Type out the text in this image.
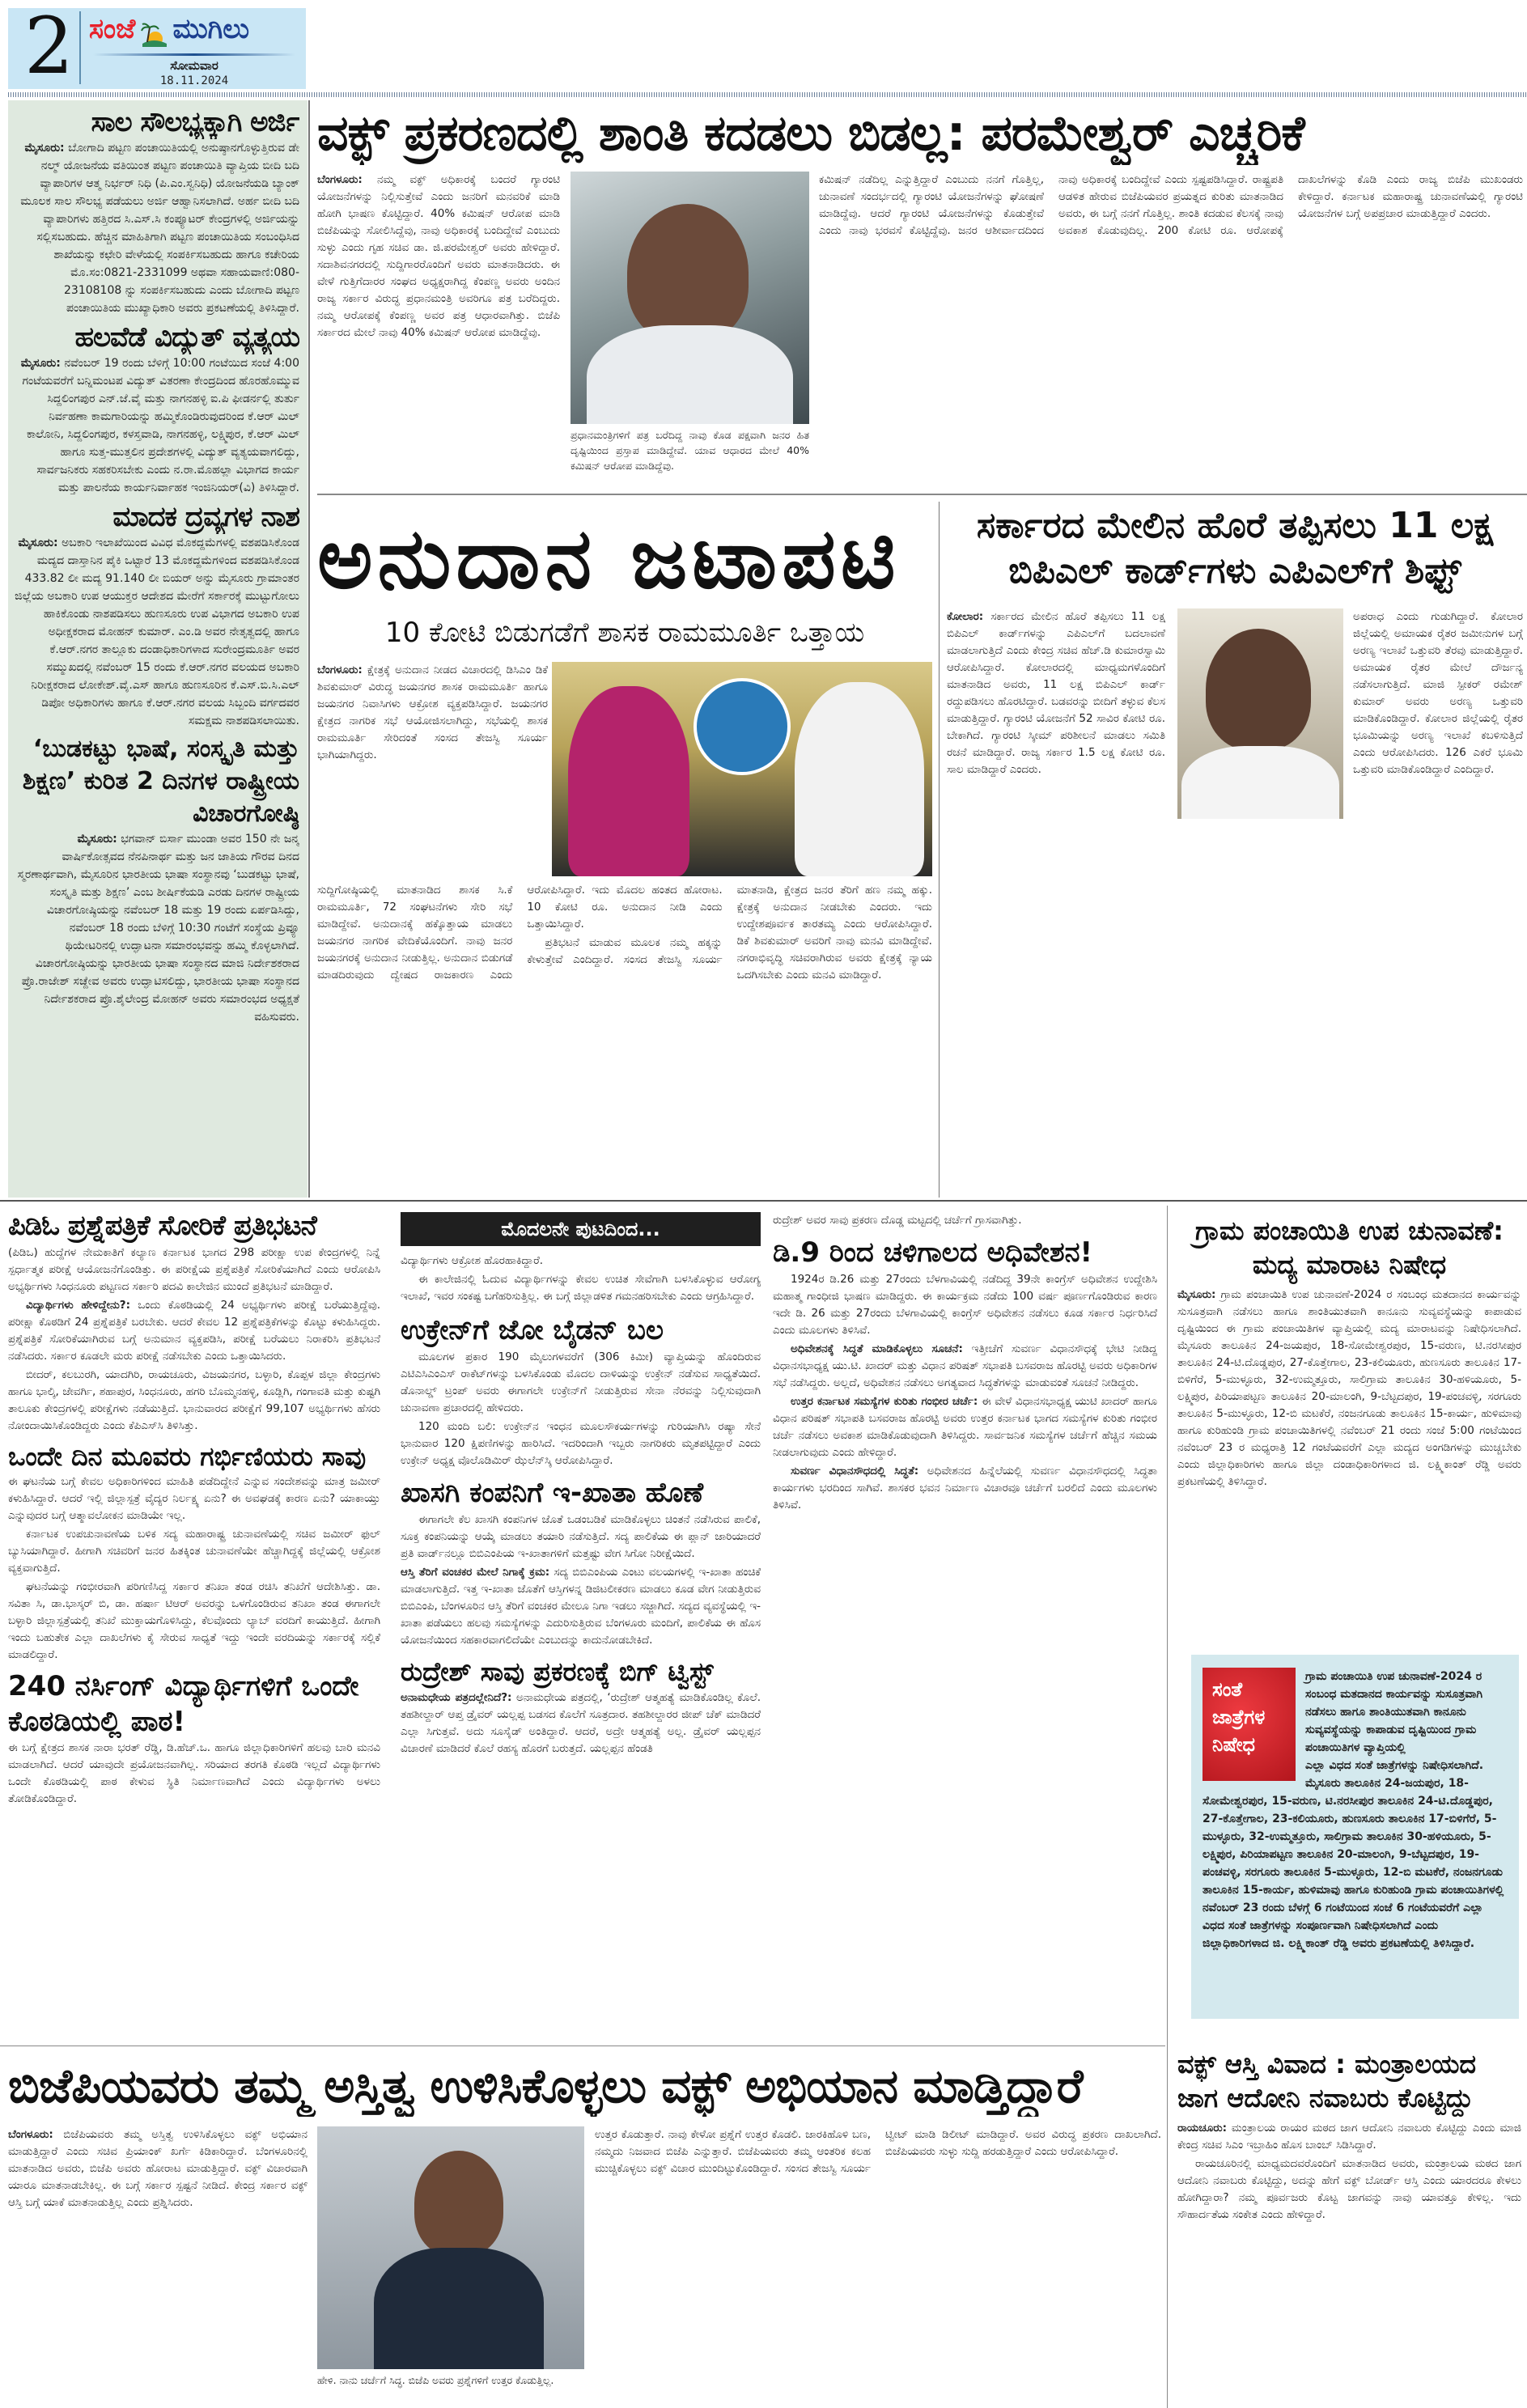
2 ಸಂಜೆ ಮುಗಿಲು
ಸೋಮವಾರ
18.11.2024
ಸಾಲ ಸೌಲಭ್ಯಕ್ಕಾಗಿ ಅರ್ಜಿ
ಮೈಸೂರು: ಬೋಗಾದಿ ಪಟ್ಟಣ ಪಂಚಾಯಿತಿಯಲ್ಲಿ ಅನುಷ್ಠಾನಗೊಳ್ಳುತ್ತಿರುವ ಡೇ ನಲ್ಮ್ ಯೋಜನೆಯ ವತಿಯಿಂತ ಪಟ್ಟಣ ಪಂಚಾಯಿತಿ ವ್ಯಾಪ್ತಿಯ ಬೀದಿ ಬದಿ ವ್ಯಾಪಾರಿಗಳ ಆತ್ಮ ನಿರ್ಭರ್ ನಿಧಿ (ಪಿ.ಎಂ.ಸ್ವನಿಧಿ) ಯೋಜನೆಯಡಿ ಬ್ಯಾಂಕ್ ಮೂಲಕ ಸಾಲ ಸೌಲಭ್ಯ ಪಡೆಯಲು ಅರ್ಜಿ ಆಹ್ವಾನಿಸಲಾಗಿದೆ. ಅರ್ಹ ಬೀದಿ ಬದಿ ವ್ಯಾಪಾರಿಗಳು ಹತ್ತಿರದ ಸಿ.ಎಸ್.ಸಿ ಕಂಪ್ಯೂಟರ್ ಕೇಂದ್ರಗಳಲ್ಲಿ ಅರ್ಜಿಯನ್ನು ಸಲ್ಲಿಸಬಹುದು. ಹೆಚ್ಚಿನ ಮಾಹಿತಿಗಾಗಿ ಪಟ್ಟಣ ಪಂಚಾಯಿತಿಯ ಸಂಬಂಧಿಸಿದ ಶಾಖೆಯನ್ನು ಕಛೇರಿ ವೇಳೆಯಲ್ಲಿ ಸಂಪರ್ಕಿಸಬಹುದು ಹಾಗೂ ಕಚೇರಿಯ ಮೊ.ಸಂ:0821-2331099 ಅಥವಾ ಸಹಾಯವಾಣಿ:080-23108108 ನ್ನು ಸಂಪರ್ಕಿಸಬಹುದು ಎಂದು ಬೋಗಾದಿ ಪಟ್ಟಣ ಪಂಚಾಯಿತಿಯ ಮುಖ್ಯಾಧಿಕಾರಿ ಅವರು ಪ್ರಕಟಣೆಯಲ್ಲಿ ತಿಳಿಸಿದ್ದಾರೆ.
ಹಲವೆಡೆ ವಿದ್ಯುತ್ ವ್ಯತ್ಯಯ
ಮೈಸೂರು: ನವೆಂಬರ್ 19 ರಂದು ಬೆಳಿಗ್ಗೆ 10:00 ಗಂಟೆಯಿದ ಸಂಜೆ 4:00 ಗಂಟೆಯವರೆಗೆ ಬನ್ನಿಮಂಟಪ ವಿದ್ಯುತ್ ವಿತರಣಾ ಕೇಂದ್ರದಿಂದ ಹೊರಹೊಮ್ಮುವ ಸಿದ್ದಲಿಂಗಪುರ ಎನ್.ಜೆ.ವೈ ಮತ್ತು ನಾಗನಹಳ್ಳಿ ಐ.ಪಿ ಫೀಡರ್ನಲ್ಲಿ ತುರ್ತು ನಿರ್ವಹಣಾ ಕಾಮಗಾರಿಯನ್ನು ಹಮ್ಮಿಕೊಂಡಿರುವುದರಿಂದ ಕೆ.ಆರ್ ಮಿಲ್ ಕಾಲೋನಿ, ಸಿದ್ದಲಿಂಗಪುರ, ಕಳಸ್ತವಾಡಿ, ನಾಗನಹಳ್ಳಿ, ಲಕ್ಷ್ಮಿಪುರ, ಕೆ.ಆರ್ ಮಿಲ್ ಹಾಗೂ ಸುತ್ತ-ಮುತ್ತಲಿನ ಪ್ರದೇಶಗಳಲ್ಲಿ ವಿದ್ಯುತ್ ವ್ಯತ್ಯಯವಾಗಲಿದ್ದು, ಸಾರ್ವಜನಿಕರು ಸಹಕರಿಸಬೇಕು ಎಂದು ನ.ರಾ.ಮೊಹಲ್ಲಾ ವಿಭಾಗದ ಕಾರ್ಯ ಮತ್ತು ಪಾಲನೆಯ ಕಾರ್ಯನಿರ್ವಾಹಕ ಇಂಜಿನಿಯರ್(ವಿ) ತಿಳಿಸಿದ್ದಾರೆ.
ಮಾದಕ ದ್ರವ್ಯಗಳ ನಾಶ
ಮೈಸೂರು: ಅಬಕಾರಿ ಇಲಾಖೆಯಿಂದ ವಿವಿಧ ಮೊಕದ್ದಮೆಗಳಲ್ಲಿ ವಶಪಡಿಸಿಕೊಂಡ ಮದ್ಯದ ದಾಸ್ತಾನಿನ ಪೈಕಿ ಒಟ್ಟಾರೆ 13 ಮೊಕದ್ದಮೆಗಳಿಂದ ವಶಪಡಿಸಿಕೊಂಡ 433.82 ಲೀ ಮದ್ಯ 91.140 ಲೀ ಬಿಯರ್ ಅನ್ನು ಮೈಸೂರು ಗ್ರಾಮಾಂತರ ಜಿಲ್ಲೆಯ ಅಬಕಾರಿ ಉಪ ಆಯುಕ್ತರ ಆದೇಶದ ಮೇರೆಗೆ ಸರ್ಕಾರಕ್ಕೆ ಮುಟ್ಟುಗೋಲು ಹಾಕಿಕೊಂಡು ನಾಶಪಡಿಸಲು ಹುಣಸೂರು ಉಪ ವಿಭಾಗದ ಅಬಕಾರಿ ಉಪ ಅಧೀಕ್ಷಕರಾದ ಮೋಹನ್ ಕುಮಾರ್. ಎಂ.ಡಿ ಅವರ ನೇತೃತ್ವದಲ್ಲಿ ಹಾಗೂ ಕೆ.ಆರ್.ನಗರ ತಾಲ್ಲೂಕು ದಂಡಾಧಿಕಾರಿಗಳಾದ ಸುರೇಂದ್ರಮೂರ್ತಿ ಅವರ ಸಮ್ಮುಖದಲ್ಲಿ ನವೆಂಬರ್ 15 ರಂದು ಕೆ.ಆರ್.ನಗರ ವಲಯದ ಅಬಕಾರಿ ನಿರೀಕ್ಷಕರಾದ ಲೋಕೇಶ್.ವೈ.ಎಸ್ ಹಾಗೂ ಹುಣಸೂರಿನ ಕೆ.ಎಸ್.ಬಿ.ಸಿ.ಎಲ್ ಡಿಪೋ ಅಧಿಕಾರಿಗಳು ಹಾಗೂ ಕೆ.ಆರ್.ನಗರ ವಲಯ ಸಿಬ್ಬಂದಿ ವರ್ಗದವರ ಸಮಕ್ಷಮ ನಾಶಪಡಿಸಲಾಯಿತು.
‘ಬುಡಕಟ್ಟು ಭಾಷೆ, ಸಂಸ್ಕೃತಿ ಮತ್ತು ಶಿಕ್ಷಣ’ ಕುರಿತ 2 ದಿನಗಳ ರಾಷ್ಟ್ರೀಯ ವಿಚಾರಗೋಷ್ಠಿ
ಮೈಸೂರು: ಭಗವಾನ್ ಬಿರ್ಸಾ ಮುಂಡಾ ಅವರ 150 ನೇ ಜನ್ಮ ವಾರ್ಷಿಕೋತ್ಸವದ ನೆನಪಿನಾರ್ಥ ಮತ್ತು ಜನ ಜಾತಿಯ ಗೌರವ ದಿನದ ಸ್ಮರಣಾರ್ಥವಾಗಿ, ಮೈಸೂರಿನ ಭಾರತೀಯ ಭಾಷಾ ಸಂಸ್ಥಾನವು ‘ಬುಡಕಟ್ಟು ಭಾಷೆ, ಸಂಸ್ಕೃತಿ ಮತ್ತು ಶಿಕ್ಷಣ’ ಎಂಬ ಶೀರ್ಷಿಕೆಯಡಿ ಎರಡು ದಿನಗಳ ರಾಷ್ಟ್ರೀಯ ವಿಚಾರಗೋಷ್ಠಿಯನ್ನು ನವೆಂಬರ್ 18 ಮತ್ತು 19 ರಂದು ಏರ್ಪಡಿಸಿದ್ದು, ನವೆಂಬರ್ 18 ರಂದು ಬೆಳಿಗ್ಗೆ 10:30 ಗಂಟೆಗೆ ಸಂಸ್ಥೆಯ ಪ್ರಿವ್ಯೂ ಥಿಯೇಟರಿನಲ್ಲಿ ಉದ್ಘಾಟನಾ ಸಮಾರಂಭವನ್ನು ಹಮ್ಮಿ ಕೊಳ್ಳಲಾಗಿದೆ. ವಿಚಾರಗೋಷ್ಠಿಯನ್ನು ಭಾರತೀಯ ಭಾಷಾ ಸಂಸ್ಥಾನದ ಮಾಜಿ ನಿರ್ದೇಶಕರಾದ ಪ್ರೊ.ರಾಜೇಶ್ ಸಚ್ದೇವ ಅವರು ಉದ್ಘಾಟಿಸಲಿದ್ದು, ಭಾರತೀಯ ಭಾಷಾ ಸಂಸ್ಥಾನದ ನಿರ್ದೇಶಕರಾದ ಪ್ರೊ.ಶೈಲೇಂದ್ರ ಮೋಹನ್ ಅವರು ಸಮಾರಂಭದ ಅಧ್ಯಕ್ಷತೆ ವಹಿಸುವರು.
ವಕ್ಫ್ ಪ್ರಕರಣದಲ್ಲಿ ಶಾಂತಿ ಕದಡಲು ಬಿಡಲ್ಲ: ಪರಮೇಶ್ವರ್ ಎಚ್ಚರಿಕೆ
ಬೆಂಗಳೂರು: ನಮ್ಮ ವಕ್ಫ್ ಅಧಿಕಾರಕ್ಕೆ ಬಂದರೆ ಗ್ಯಾರಂಟಿ ಯೋಜನೆಗಳನ್ನು ನಿಲ್ಲಿಸುತ್ತೇವೆ ಎಂದು ಜನರಿಗೆ ಮನವರಿಕೆ ಮಾಡಿ ಹೋಗಿ ಭಾಷಣ ಕೊಟ್ಟಿದ್ದಾರೆ. 40% ಕಮಿಷನ್ ಆರೋಪ ಮಾಡಿ ಬಿಜೆಪಿಯನ್ನು ಸೋಲಿಸಿದ್ದೆವು, ನಾವು ಅಧಿಕಾರಕ್ಕೆ ಬಂದಿದ್ದೇವೆ ಎಂಬುದು ಸುಳ್ಳು ಎಂದು ಗೃಹ ಸಚಿವ ಡಾ. ಜಿ.ಪರಮೇಶ್ವರ್ ಅವರು ಹೇಳಿದ್ದಾರೆ. ಸದಾಶಿವನಗರದಲ್ಲಿ ಸುದ್ದಿಗಾರರೊಂದಿಗೆ ಅವರು ಮಾತನಾಡಿದರು. ಈ ವೇಳೆ ಗುತ್ತಿಗೆದಾರರ ಸಂಘದ ಅಧ್ಯಕ್ಷರಾಗಿದ್ದ ಕೆಂಪಣ್ಣ ಅವರು ಅಂದಿನ ರಾಜ್ಯ ಸರ್ಕಾರ ವಿರುದ್ಧ ಪ್ರಧಾನಮಂತ್ರಿ ಅವರಿಗೂ ಪತ್ರ ಬರೆದಿದ್ದರು. ನಮ್ಮ ಆರೋಪಕ್ಕೆ ಕೆಂಪಣ್ಣ ಅವರ ಪತ್ರ ಆಧಾರವಾಗಿತ್ತು. ಬಿಜೆಪಿ ಸರ್ಕಾರದ ಮೇಲೆ ನಾವು 40% ಕಮಿಷನ್ ಆರೋಪ ಮಾಡಿದ್ದೆವು.
ಪ್ರಧಾನಮಂತ್ರಿಗಳಿಗೆ ಪತ್ರ ಬರೆದಿದ್ದ ನಾವು ಕೊಡ ಪಕ್ಷವಾಗಿ ಜನರ ಹಿತ ದೃಷ್ಟಿಯಿಂದ ಪ್ರಸ್ತಾಪ ಮಾಡಿದ್ದೇವೆ. ಯಾವ ಆಧಾರದ ಮೇಲೆ 40% ಕಮಿಷನ್ ಆರೋಪ ಮಾಡಿದ್ದೆವು.
ಕಮಿಷನ್ ನಡೆದಿಲ್ಲ ಎನ್ನುತ್ತಿದ್ದಾರೆ ಎಂಬುದು ನನಗೆ ಗೊತ್ತಿಲ್ಲ, ಚುನಾವಣೆ ಸಂದರ್ಭದಲ್ಲಿ ಗ್ಯಾರಂಟಿ ಯೋಜನೆಗಳನ್ನು ಘೋಷಣೆ ಮಾಡಿದ್ದೆವು. ಆದರೆ ಗ್ಯಾರಂಟಿ ಯೋಜನೆಗಳನ್ನು ಕೊಡುತ್ತೇವೆ ಎಂದು ನಾವು ಭರವಸೆ ಕೊಟ್ಟಿದ್ದೆವು. ಜನರ ಆಶೀರ್ವಾದದಿಂದ ನಾವು ಅಧಿಕಾರಕ್ಕೆ ಬಂದಿದ್ದೇವೆ ಎಂದು ಸ್ಪಷ್ಟಪಡಿಸಿದ್ದಾರೆ. ರಾಷ್ಟ್ರಪತಿ ಆಡಳಿತ ಹೇರುವ ಬಿಜೆಪಿಯವರ ಪ್ರಯತ್ನದ ಕುರಿತು ಮಾತನಾಡಿದ ಅವರು, ಈ ಬಗ್ಗೆ ನನಗೆ ಗೊತ್ತಿಲ್ಲ. ಶಾಂತಿ ಕದಡುವ ಕೆಲಸಕ್ಕೆ ನಾವು ಅವಕಾಶ ಕೊಡುವುದಿಲ್ಲ. 200 ಕೋಟಿ ರೂ. ಆರೋಪಕ್ಕೆ ದಾಖಲೆಗಳನ್ನು ಕೊಡಿ ಎಂದು ರಾಜ್ಯ ಬಿಜೆಪಿ ಮುಖಂಡರು ಕೇಳಿದ್ದಾರೆ. ಕರ್ನಾಟಕ ಮಹಾರಾಷ್ಟ್ರ ಚುನಾವಣೆಯಲ್ಲಿ ಗ್ಯಾರಂಟಿ ಯೋಜನೆಗಳ ಬಗ್ಗೆ ಅಪಪ್ರಚಾರ ಮಾಡುತ್ತಿದ್ದಾರೆ ಎಂದರು.
ಅನುದಾನ ಜಟಾಪಟಿ
10 ಕೋಟಿ ಬಿಡುಗಡೆಗೆ ಶಾಸಕ ರಾಮಮೂರ್ತಿ ಒತ್ತಾಯ
ಬೆಂಗಳೂರು: ಕ್ಷೇತ್ರಕ್ಕೆ ಅನುದಾನ ನೀಡದ ವಿಚಾರದಲ್ಲಿ ಡಿಸಿಎಂ ಡಿಕೆ ಶಿವಕುಮಾರ್ ವಿರುದ್ಧ ಜಯನಗರ ಶಾಸಕ ರಾಮಮೂರ್ತಿ ಹಾಗೂ ಜಯನಗರ ನಿವಾಸಿಗಳು ಆಕ್ರೋಶ ವ್ಯಕ್ತಪಡಿಸಿದ್ದಾರೆ. ಜಯನಗರ ಕ್ಷೇತ್ರದ ನಾಗರಿಕ ಸಭೆ ಆಯೋಜಿಸಲಾಗಿದ್ದು, ಸಭೆಯಲ್ಲಿ ಶಾಸಕ ರಾಮಮೂರ್ತಿ ಸೇರಿದಂತೆ ಸಂಸದ ತೇಜಸ್ವಿ ಸೂರ್ಯ ಭಾಗಿಯಾಗಿದ್ದರು.

ಸುದ್ದಿಗೋಷ್ಠಿಯಲ್ಲಿ ಮಾತನಾಡಿದ ಶಾಸಕ ಸಿ.ಕೆ ರಾಮಮೂರ್ತಿ, 72 ಸಂಘಟನೆಗಳು ಸೇರಿ ಸಭೆ ಮಾಡಿದ್ದೇವೆ. ಅನುದಾನಕ್ಕೆ ಹಕ್ಕೊತ್ತಾಯ ಮಾಡಲು ಜಯನಗರ ನಾಗರಿಕ ವೇದಿಕೆಯೊಂದಿಗೆ. ನಾವು ಜನರ ಜಯನಗರಕ್ಕೆ ಅನುದಾನ ನೀಡುತ್ತಿಲ್ಲ. ಅನುದಾನ ಬಿಡುಗಡೆ ಮಾಡದಿರುವುದು ದ್ವೇಷದ ರಾಜಕಾರಣ ಎಂದು ಆರೋಪಿಸಿದ್ದಾರೆ. ಇದು ಮೊದಲ ಹಂತದ ಹೋರಾಟ. 10 ಕೋಟಿ ರೂ. ಅನುದಾನ ನೀಡಿ ಎಂದು ಒತ್ತಾಯಿಸಿದ್ದಾರೆ.

ಪ್ರತಿಭಟನೆ ಮಾಡುವ ಮೂಲಕ ನಮ್ಮ ಹಕ್ಕನ್ನು ಕೇಳುತ್ತೇವೆ ಎಂದಿದ್ದಾರೆ. ಸಂಸದ ತೇಜಸ್ವಿ ಸೂರ್ಯ ಮಾತನಾಡಿ, ಕ್ಷೇತ್ರದ ಜನರ ತೆರಿಗೆ ಹಣ ನಮ್ಮ ಹಕ್ಕು. ಕ್ಷೇತ್ರಕ್ಕೆ ಅನುದಾನ ನೀಡಬೇಕು ಎಂದರು. ಇದು ಉದ್ದೇಶಪೂರ್ವಕ ತಾರತಮ್ಯ ಎಂದು ಆರೋಪಿಸಿದ್ದಾರೆ. ಡಿಕೆ ಶಿವಕುಮಾರ್ ಅವರಿಗೆ ನಾವು ಮನವಿ ಮಾಡಿದ್ದೇವೆ. ನಗರಾಭಿವೃದ್ಧಿ ಸಚಿವರಾಗಿರುವ ಅವರು ಕ್ಷೇತ್ರಕ್ಕೆ ನ್ಯಾಯ ಒದಗಿಸಬೇಕು ಎಂದು ಮನವಿ ಮಾಡಿದ್ದಾರೆ.

ಸರ್ಕಾರದ ಮೇಲಿನ ಹೊರೆ ತಪ್ಪಿಸಲು 11 ಲಕ್ಷ ಬಿಪಿಎಲ್ ಕಾರ್ಡ್‌ಗಳು ಎಪಿಎಲ್‌ಗೆ ಶಿಫ್ಟ್
ಕೋಲಾರ: ಸರ್ಕಾರದ ಮೇಲಿನ ಹೊರೆ ತಪ್ಪಿಸಲು 11 ಲಕ್ಷ ಬಿಪಿಎಲ್ ಕಾರ್ಡ್‌ಗಳನ್ನು ಎಪಿಎಲ್‌ಗೆ ಬದಲಾವಣೆ ಮಾಡಲಾಗುತ್ತಿದೆ ಎಂದು ಕೇಂದ್ರ ಸಚಿವ ಹೆಚ್.ಡಿ ಕುಮಾರಸ್ವಾಮಿ ಆರೋಪಿಸಿದ್ದಾರೆ. ಕೋಲಾರದಲ್ಲಿ ಮಾಧ್ಯಮಗಳೊಂದಿಗೆ ಮಾತನಾಡಿದ ಅವರು, 11 ಲಕ್ಷ ಬಿಪಿಎಲ್ ಕಾರ್ಡ್ ರದ್ದುಪಡಿಸಲು ಹೊರಟಿದ್ದಾರೆ. ಬಡವರನ್ನು ಬೀದಿಗೆ ತಳ್ಳುವ ಕೆಲಸ ಮಾಡುತ್ತಿದ್ದಾರೆ. ಗ್ಯಾರಂಟಿ ಯೋಜನೆಗೆ 52 ಸಾವಿರ ಕೋಟಿ ರೂ. ಬೇಕಾಗಿದೆ. ಗ್ಯಾರಂಟಿ ಸ್ಕೀಮ್ ಪರಿಶೀಲನೆ ಮಾಡಲು ಸಮಿತಿ ರಚನೆ ಮಾಡಿದ್ದಾರೆ. ರಾಜ್ಯ ಸರ್ಕಾರ 1.5 ಲಕ್ಷ ಕೋಟಿ ರೂ. ಸಾಲ ಮಾಡಿದ್ದಾರೆ ಎಂದರು.
ಅಪರಾಧ ಎಂದು ಗುಡುಗಿದ್ದಾರೆ. ಕೋಲಾರ ಜಿಲ್ಲೆಯಲ್ಲಿ ಅಮಾಯಕ ರೈತರ ಜಮೀನುಗಳ ಬಗ್ಗೆ ಅರಣ್ಯ ಇಲಾಖೆ ಒತ್ತುವರಿ ತೆರವು ಮಾಡುತ್ತಿದ್ದಾರೆ. ಅಮಾಯಕ ರೈತರ ಮೇಲೆ ದೌರ್ಜನ್ಯ ನಡೆಸಲಾಗುತ್ತಿದೆ. ಮಾಜಿ ಸ್ಪೀಕರ್ ರಮೇಶ್ ಕುಮಾರ್ ಅವರು ಅರಣ್ಯ ಒತ್ತುವರಿ ಮಾಡಿಕೊಂಡಿದ್ದಾರೆ. ಕೋಲಾರ ಜಿಲ್ಲೆಯಲ್ಲಿ ರೈತರ ಭೂಮಿಯನ್ನು ಅರಣ್ಯ ಇಲಾಖೆ ಕಬಳಿಸುತ್ತಿದೆ ಎಂದು ಆರೋಪಿಸಿದರು. 126 ಎಕರೆ ಭೂಮಿ ಒತ್ತುವರಿ ಮಾಡಿಕೊಂಡಿದ್ದಾರೆ ಎಂದಿದ್ದಾರೆ.
ಪಿಡಿಓ ಪ್ರಶ್ನೆಪತ್ರಿಕೆ ಸೋರಿಕೆ ಪ್ರತಿಭಟನೆ

(ಪಿಡಿಒ) ಹುದ್ದೆಗಳ ನೇಮಕಾತಿಗೆ ಕಲ್ಯಾಣ ಕರ್ನಾಟಕ ಭಾಗದ 298 ಪರೀಕ್ಷಾ ಉಪ ಕೇಂದ್ರಗಳಲ್ಲಿ ನಿನ್ನೆ ಸ್ಪರ್ಧಾತ್ಮಕ ಪರೀಕ್ಷೆ ಆಯೋಜನೆಗೊಂಡಿತ್ತು. ಈ ಪರೀಕ್ಷೆಯ ಪ್ರಶ್ನೆಪತ್ರಿಕೆ ಸೋರಿಕೆಯಾಗಿದೆ ಎಂದು ಆರೋಪಿಸಿ ಅಭ್ಯರ್ಥಿಗಳು ಸಿಂಧನೂರು ಪಟ್ಟಣದ ಸರ್ಕಾರಿ ಪದವಿ ಕಾಲೇಜಿನ ಮುಂದೆ ಪ್ರತಿಭಟನೆ ಮಾಡಿದ್ದಾರೆ.

ವಿದ್ಯಾರ್ಥಿಗಳು ಹೇಳಿದ್ದೇನು?: ಒಂದು ಕೊಠಡಿಯಲ್ಲಿ 24 ಅಭ್ಯರ್ಥಿಗಳು ಪರೀಕ್ಷೆ ಬರೆಯುತ್ತಿದ್ದೆವು. ಪರೀಕ್ಷಾ ಕೊಠಡಿಗೆ 24 ಪ್ರಶ್ನೆಪತ್ರಿಕೆ ಬರಬೇಕು. ಆದರೆ ಕೇವಲ 12 ಪ್ರಶ್ನೆಪತ್ರಿಕೆಗಳನ್ನು ಕೊಟ್ಟು ಕಳುಹಿಸಿದ್ದರು. ಪ್ರಶ್ನೆಪತ್ರಿಕೆ ಸೋರಿಕೆಯಾಗಿರುವ ಬಗ್ಗೆ ಅನುಮಾನ ವ್ಯಕ್ತಪಡಿಸಿ, ಪರೀಕ್ಷೆ ಬರೆಯಲು ನಿರಾಕರಿಸಿ ಪ್ರತಿಭಟನೆ ನಡೆಸಿದರು. ಸರ್ಕಾರ ಕೂಡಲೇ ಮರು ಪರೀಕ್ಷೆ ನಡೆಸಬೇಕು ಎಂದು ಒತ್ತಾಯಿಸಿದರು.

ಬೀದರ್, ಕಲಬುರಗಿ, ಯಾದಗಿರಿ, ರಾಯಚೂರು, ವಿಜಯನಗರ, ಬಳ್ಳಾರಿ, ಕೊಪ್ಪಳ ಜಿಲ್ಲಾ ಕೇಂದ್ರಗಳು ಹಾಗೂ ಭಾಲ್ಕಿ, ಜೇವರ್ಗಿ, ಶಹಾಪುರ, ಸಿಂಧನೂರು, ಹಗರಿ ಬೊಮ್ಮನಹಳ್ಳಿ, ಕೂಡ್ಲಿಗಿ, ಗಂಗಾವತಿ ಮತ್ತು ಕುಷ್ಟಗಿ ತಾಲೂಕು ಕೇಂದ್ರಗಳಲ್ಲಿ ಪರೀಕ್ಷೆಗಳು ನಡೆಯುತ್ತಿದೆ. ಭಾನುವಾರದ ಪರೀಕ್ಷೆಗೆ 99,107 ಅಭ್ಯರ್ಥಿಗಳು ಹೆಸರು ನೋಂದಾಯಿಸಿಕೊಂಡಿದ್ದರು ಎಂದು ಕೆಪಿಎಸ್‌ಸಿ ತಿಳಿಸಿತ್ತು.

ಒಂದೇ ದಿನ ಮೂವರು ಗರ್ಭಿಣಿಯರು ಸಾವು

ಈ ಘಟನೆಯ ಬಗ್ಗೆ ಕೇವಲ ಅಧಿಕಾರಿಗಳಿಂದ ಮಾಹಿತಿ ಪಡೆದಿದ್ದೇನೆ ಎನ್ನುವ ಸಂದೇಶವನ್ನು ಮಾತ್ರ ಜಮೀರ್ ಕಳುಹಿಸಿದ್ದಾರೆ. ಆದರೆ ಇಲ್ಲಿ ಜಿಲ್ಲಾಸ್ಪತ್ರೆ ವೈದ್ಯರ ನಿರ್ಲಕ್ಷ್ಯ ಏನು? ಈ ಅವಘಡಕ್ಕೆ ಕಾರಣ ಏನು? ಯಾಕಾಯ್ತು ಎನ್ನುವುದರ ಬಗ್ಗೆ ಆತ್ಮಾವಲೋಕನ ಮಾಡಿಯೇ ಇಲ್ಲ.

ಕರ್ನಾಟಕ ಉಪಚುನಾವಣೆಯ ಬಳಿಕ ಸದ್ಯ ಮಹಾರಾಷ್ಟ್ರ ಚುನಾವಣೆಯಲ್ಲಿ ಸಚಿವ ಜಮೀರ್ ಫುಲ್ ಬ್ಯುಸಿಯಾಗಿದ್ದಾರೆ. ಹೀಗಾಗಿ ಸಚಿವರಿಗೆ ಜನರ ಹಿತಕ್ಕಿಂತ ಚುನಾವಣೆಯೇ ಹೆಚ್ಚಾಗಿದ್ದಕ್ಕೆ ಜಿಲ್ಲೆಯಲ್ಲಿ ಆಕ್ರೋಶ ವ್ಯಕ್ತವಾಗುತ್ತಿದೆ.

ಘಟನೆಯನ್ನು ಗಂಭೀರವಾಗಿ ಪರಿಗಣಿಸಿದ್ದ ಸರ್ಕಾರ ತನಿಖಾ ತಂಡ ರಚಿಸಿ ತನಿಖೆಗೆ ಆದೇಶಿಸಿತ್ತು. ಡಾ. ಸವಿತಾ ಸಿ, ಡಾ.ಭಾಸ್ಕರ್ ಬಿ, ಡಾ. ಹರ್ಷಾ ಟಿಆರ್ ಅವರನ್ನು ಒಳಗೊಂಡಿರುವ ತನಿಖಾ ತಂಡ ಈಗಾಗಲೇ ಬಳ್ಳಾರಿ ಜಿಲ್ಲಾಸ್ಪತ್ರೆಯಲ್ಲಿ ತನಿಖೆ ಮುಕ್ತಾಯಗೊಳಿಸಿದ್ದು, ಕೆಲವೊಂದು ಲ್ಯಾಬ್ ವರದಿಗೆ ಕಾಯುತ್ತಿದೆ. ಹೀಗಾಗಿ ಇಂದು ಬಹುತೇಕ ಎಲ್ಲಾ ದಾಖಲೆಗಳು ಕೈ ಸೇರುವ ಸಾಧ್ಯತೆ ಇದ್ದು ಇಂದೇ ವರದಿಯನ್ನು ಸರ್ಕಾರಕ್ಕೆ ಸಲ್ಲಿಕೆ ಮಾಡಲಿದ್ದಾರೆ.

240 ನರ್ಸಿಂಗ್ ವಿದ್ಯಾರ್ಥಿಗಳಿಗೆ ಒಂದೇ ಕೊಠಡಿಯಲ್ಲಿ ಪಾಠ!

ಈ ಬಗ್ಗೆ ಕ್ಷೇತ್ರದ ಶಾಸಕ ನಾರಾ ಭರತ್ ರೆಡ್ಡಿ, ಡಿ.ಹೆಚ್.ಒ. ಹಾಗೂ ಜಿಲ್ಲಾಧಿಕಾರಿಗಳಿಗೆ ಹಲವು ಬಾರಿ ಮನವಿ ಮಾಡಲಾಗಿದೆ. ಆದರೆ ಯಾವುದೇ ಪ್ರಯೋಜನವಾಗಿಲ್ಲ. ಸರಿಯಾದ ತರಗತಿ ಕೊಠಡಿ ಇಲ್ಲದೆ ವಿದ್ಯಾರ್ಥಿಗಳು ಒಂದೇ ಕೊಠಡಿಯಲ್ಲಿ ಪಾಠ ಕೇಳುವ ಸ್ಥಿತಿ ನಿರ್ಮಾಣವಾಗಿದೆ ಎಂದು ವಿದ್ಯಾರ್ಥಿಗಳು ಅಳಲು ತೋಡಿಕೊಂಡಿದ್ದಾರೆ.

ಮೊದಲನೇ ಪುಟದಿಂದ...

ವಿದ್ಯಾರ್ಥಿಗಳು ಆಕ್ರೋಶ ಹೊರಹಾಕಿದ್ದಾರೆ.

ಈ ಕಾಲೇಜಿನಲ್ಲಿ ಓದುವ ವಿದ್ಯಾರ್ಥಿಗಳನ್ನು ಕೇವಲ ಉಚಿತ ಸೇವೆಗಾಗಿ ಬಳಸಿಕೊಳ್ಳುವ ಆರೋಗ್ಯ ಇಲಾಖೆ, ಇವರ ಸಂಕಷ್ಟ ಬಗೆಹರಿಸುತ್ತಿಲ್ಲ. ಈ ಬಗ್ಗೆ ಜಿಲ್ಲಾಡಳಿತ ಗಮನಹರಿಸಬೇಕು ಎಂದು ಆಗ್ರಹಿಸಿದ್ದಾರೆ.

ಉಕ್ರೇನ್‌ಗೆ ಜೋ ಬೈಡನ್ ಬಲ

ಮೂಲಗಳ ಪ್ರಕಾರ 190 ಮೈಲುಗಳವರೆಗೆ (306 ಕಿಮೀ) ವ್ಯಾಪ್ತಿಯನ್ನು ಹೊಂದಿರುವ ಎಟಿಎಸಿಎಂಎಸ್ ರಾಕೆಟ್‌ಗಳನ್ನು ಬಳಸಿಕೊಂಡು ಮೊದಲ ದಾಳಿಯನ್ನು ಉಕ್ರೇನ್ ನಡೆಸುವ ಸಾಧ್ಯತೆಯಿದೆ. ಡೊನಾಲ್ಡ್ ಟ್ರಂಪ್ ಅವರು ಈಗಾಗಲೇ ಉಕ್ರೇನ್‌ಗೆ ನೀಡುತ್ತಿರುವ ಸೇನಾ ನೆರವನ್ನು ನಿಲ್ಲಿಸುವುದಾಗಿ ಚುನಾವಣಾ ಪ್ರಚಾರದಲ್ಲಿ ಹೇಳಿದರು.

120 ಮಂದಿ ಬಲಿ: ಉಕ್ರೇನ್‌ನ ಇಂಧನ ಮೂಲಸೌಕರ್ಯಗಳನ್ನು ಗುರಿಯಾಗಿಸಿ ರಷ್ಯಾ ಸೇನೆ ಭಾನುವಾರ 120 ಕ್ಷಿಪಣಿಗಳನ್ನು ಹಾರಿಸಿದೆ. ಇದರಿಂದಾಗಿ ಇಬ್ಬರು ನಾಗರಿಕರು ಮೃತಪಟ್ಟಿದ್ದಾರೆ ಎಂದು ಉಕ್ರೇನ್ ಅಧ್ಯಕ್ಷ ವೊಲೊಡಿಮಿರ್ ಝೆಲೆನ್‌ಸ್ಕಿ ಆರೋಪಿಸಿದ್ದಾರೆ.

ಖಾಸಗಿ ಕಂಪನಿಗೆ ಇ-ಖಾತಾ ಹೊಣೆ

ಈಗಾಗಲೇ ಕೆಲ ಖಾಸಗಿ ಕಂಪನಿಗಳ ಜೊತೆ ಒಡಂಬಡಿಕೆ ಮಾಡಿಕೊಳ್ಳಲು ಚಿಂತನೆ ನಡೆಸಿರುವ ಪಾಲಿಕೆ, ಸೂಕ್ತ ಕಂಪನಿಯನ್ನು ಆಯ್ಕೆ ಮಾಡಲು ತಯಾರಿ ನಡೆಸುತ್ತಿದೆ. ಸದ್ಯ ಪಾಲಿಕೆಯ ಈ ಪ್ಲಾನ್ ಜಾರಿಯಾದರೆ ಪ್ರತಿ ವಾರ್ಡ್‌ನಲ್ಲೂ ಬಿಬಿಎಂಪಿಯ ಇ-ಖಾತಾಗಳಿಗೆ ಮತ್ತಷ್ಟು ವೇಗ ಸಿಗೋ ನಿರೀಕ್ಷೆಯಿದೆ.

ಆಸ್ತಿ ತೆರಿಗೆ ವಂಚಕರ ಮೇಲೆ ನಿಗಾಕ್ಕೆ ಕ್ರಮ: ಸದ್ಯ ಬಿಬಿಎಂಪಿಯ ಎಂಟು ವಲಯಗಳಲ್ಲಿ ಇ-ಖಾತಾ ಹಂಚಿಕೆ ಮಾಡಲಾಗುತ್ತಿದೆ. ಇತ್ತ ಇ-ಖಾತಾ ಜೊತೆಗೆ ಆಸ್ತಿಗಳನ್ನ ಡಿಜಿಟಲೀಕರಣ ಮಾಡಲು ಕೂಡ ವೇಗ ನೀಡುತ್ತಿರುವ ಬಿಬಿಎಂಪಿ, ಬೆಂಗಳೂರಿನ ಆಸ್ತಿ ತೆರಿಗೆ ವಂಚಕರ ಮೇಲೂ ನಿಗಾ ಇಡಲು ಸಜ್ಜಾಗಿದೆ. ಸದ್ಯದ ವ್ಯವಸ್ಥೆಯಲ್ಲಿ ಇ-ಖಾತಾ ಪಡೆಯಲು ಹಲವು ಸಮಸ್ಯೆಗಳನ್ನು ಎದುರಿಸುತ್ತಿರುವ ಬೆಂಗಳೂರು ಮಂದಿಗೆ, ಪಾಲಿಕೆಯ ಈ ಹೊಸ ಯೋಜನೆಯಿಂದ ಸಹಕಾರವಾಗಲಿದೆಯೇ ಎಂಬುದನ್ನು ಕಾದುನೋಡಬೇಕಿದೆ.

ರುದ್ರೇಶ್ ಸಾವು ಪ್ರಕರಣಕ್ಕೆ ಬಿಗ್ ಟ್ವಿಸ್ಟ್

ಅನಾಮಧೇಯ ಪತ್ರದಲ್ಲೇನಿದೆ?: ಅನಾಮಧೇಯ ಪತ್ರದಲ್ಲಿ, ‘ರುದ್ರೇಶ್ ಆತ್ಮಹತ್ಯೆ ಮಾಡಿಕೊಂಡಿಲ್ಲ ಕೊಲೆ. ತಹಶೀಲ್ದಾರ್ ಆಪ್ತ ಡ್ರೈವರ್ ಯಲ್ಲಪ್ಪ ಬಡಸದ ಕೊಲೆಗೆ ಸೂತ್ರದಾರ. ತಹಶೀಲ್ದಾರರ ಜೀಪ್ ಚೆಕ್ ಮಾಡಿದರೆ ಎಲ್ಲಾ ಸಿಗುತ್ತವೆ. ಅದು ಸೂಸೈಡ್ ಅಂತಿದ್ದಾರೆ. ಆದರೆ, ಅದ್ರೇ ಆತ್ಮಹತ್ಯೆ ಅಲ್ಲ. ಡ್ರೈವರ್ ಯಲ್ಲಪ್ಪನ ವಿಚಾರಣೆ ಮಾಡಿದರೆ ಕೊಲೆ ರಹಸ್ಯ ಹೊರಗೆ ಬರುತ್ತದೆ. ಯಲ್ಲಪ್ಪನ ಹೆಂಡತಿ

ರುದ್ರೇಶ್ ಅವರ ಸಾವು ಪ್ರಕರಣ ದೊಡ್ಡ ಮಟ್ಟದಲ್ಲಿ ಚರ್ಚೆಗೆ ಗ್ರಾಸವಾಗಿತ್ತು.

ಡಿ.9 ರಿಂದ ಚಳಿಗಾಲದ ಅಧಿವೇಶನ!

1924ರ ಡಿ.26 ಮತ್ತು 27ರಂದು ಬೆಳಗಾವಿಯಲ್ಲಿ ನಡೆದಿದ್ದ 39ನೇ ಕಾಂಗ್ರೆಸ್ ಅಧಿವೇಶನ ಉದ್ದೇಶಿಸಿ ಮಹಾತ್ಮ ಗಾಂಧೀಜಿ ಭಾಷಣ ಮಾಡಿದ್ದರು. ಈ ಕಾರ್ಯಕ್ರಮ ನಡೆದು 100 ವರ್ಷ ಪೂರ್ಣಗೊಂಡಿರುವ ಕಾರಣ ಇದೇ ಡಿ. 26 ಮತ್ತು 27ರಂದು ಬೆಳಗಾವಿಯಲ್ಲಿ ಕಾಂಗ್ರೆಸ್ ಅಧಿವೇಶನ ನಡೆಸಲು ಕೂಡ ಸರ್ಕಾರ ನಿರ್ಧರಿಸಿದೆ ಎಂದು ಮೂಲಗಳು ತಿಳಿಸಿವೆ.

ಅಧಿವೇಶನಕ್ಕೆ ಸಿದ್ಧತೆ ಮಾಡಿಕೊಳ್ಳಲು ಸೂಚನೆ: ಇತ್ತೀಚೆಗೆ ಸುವರ್ಣ ವಿಧಾನಸೌಧಕ್ಕೆ ಭೇಟಿ ನೀಡಿದ್ದ ವಿಧಾನಸಭಾಧ್ಯಕ್ಷ ಯು.ಟಿ. ಖಾದರ್ ಮತ್ತು ವಿಧಾನ ಪರಿಷತ್ ಸಭಾಪತಿ ಬಸವರಾಜ ಹೊರಟ್ಟಿ ಅವರು ಅಧಿಕಾರಿಗಳ ಸಭೆ ನಡೆಸಿದ್ದರು. ಅಲ್ಲದೆ, ಅಧಿವೇಶನ ನಡೆಸಲು ಅಗತ್ಯವಾದ ಸಿದ್ಧತೆಗಳನ್ನು ಮಾಡುವಂತೆ ಸೂಚನೆ ನೀಡಿದ್ದರು.

ಉತ್ತರ ಕರ್ನಾಟಕ ಸಮಸ್ಯೆಗಳ ಕುರಿತು ಗಂಭೀರ ಚರ್ಚೆ: ಈ ವೇಳೆ ವಿಧಾನಸಭಾಧ್ಯಕ್ಷ ಯುಟಿ ಖಾದರ್ ಹಾಗೂ ವಿಧಾನ ಪರಿಷತ್ ಸಭಾಪತಿ ಬಸವರಾಜ ಹೊರಟ್ಟಿ ಅವರು ಉತ್ತರ ಕರ್ನಾಟಕ ಭಾಗದ ಸಮಸ್ಯೆಗಳ ಕುರಿತು ಗಂಭೀರ ಚರ್ಚೆ ನಡೆಸಲು ಅವಕಾಶ ಮಾಡಿಕೊಡುವುದಾಗಿ ತಿಳಿಸಿದ್ದರು. ಸಾರ್ವಜನಿಕ ಸಮಸ್ಯೆಗಳ ಚರ್ಚೆಗೆ ಹೆಚ್ಚಿನ ಸಮಯ ನೀಡಲಾಗುವುದು ಎಂದು ಹೇಳಿದ್ದಾರೆ.

ಸುವರ್ಣ ವಿಧಾನಸೌಧದಲ್ಲಿ ಸಿದ್ಧತೆ: ಅಧಿವೇಶನದ ಹಿನ್ನೆಲೆಯಲ್ಲಿ ಸುವರ್ಣ ವಿಧಾನಸೌಧದಲ್ಲಿ ಸಿದ್ಧತಾ ಕಾರ್ಯಗಳು ಭರದಿಂದ ಸಾಗಿವೆ. ಶಾಸಕರ ಭವನ ನಿರ್ಮಾಣ ವಿಚಾರವೂ ಚರ್ಚೆಗೆ ಬರಲಿದೆ ಎಂದು ಮೂಲಗಳು ತಿಳಿಸಿವೆ.

ಗ್ರಾಮ ಪಂಚಾಯಿತಿ ಉಪ ಚುನಾವಣೆ: ಮದ್ಯ ಮಾರಾಟ ನಿಷೇಧ
ಮೈಸೂರು: ಗ್ರಾಮ ಪಂಚಾಯಿತಿ ಉಪ ಚುನಾವಣೆ-2024 ರ ಸಂಬಂಧ ಮತದಾನದ ಕಾರ್ಯವನ್ನು ಸುಸೂತ್ರವಾಗಿ ನಡೆಸಲು ಹಾಗೂ ಶಾಂತಿಯುತವಾಗಿ ಕಾನೂನು ಸುವ್ಯವಸ್ಥೆಯನ್ನು ಕಾಪಾಡುವ ದೃಷ್ಟಿಯಿಂದ ಈ ಗ್ರಾಮ ಪಂಚಾಯಿತಿಗಳ ವ್ಯಾಪ್ತಿಯಲ್ಲಿ ಮದ್ಯ ಮಾರಾಟವನ್ನು ನಿಷೇಧಿಸಲಾಗಿದೆ. ಮೈಸೂರು ತಾಲೂಕಿನ 24-ಜಯಪುರ, 18-ಸೋಮೇಶ್ವರಪುರ, 15-ವರುಣ, ಟಿ.ನರಸೀಪುರ ತಾಲೂಕಿನ 24-ಟಿ.ದೊಡ್ಡಪುರ, 27-ಕೊತ್ತೇಗಾಲ, 23-ಕಲಿಯೂರು, ಹುಣಸೂರು ತಾಲೂಕಿನ 17-ಬಿಳಿಗೆರೆ, 5-ಮುಳ್ಳೂರು, 32-ಉಮ್ಮತ್ತೂರು, ಸಾಲಿಗ್ರಾಮ ತಾಲೂಕಿನ 30-ಹಳಿಯೂರು, 5-ಲಕ್ಷ್ಮಿಪುರ, ಪಿರಿಯಾಪಟ್ಟಣ ತಾಲೂಕಿನ 20-ಮಾಲಂಗಿ, 9-ಬೆಟ್ಟದಪುರ, 19-ಪಂಚವಳ್ಳಿ, ಸರಗೂರು ತಾಲೂಕಿನ 5-ಮುಳ್ಳೂರು, 12-ಬಿ ಮಟಕೆರೆ, ನಂಜನಗೂಡು ತಾಲೂಕಿನ 15-ಕಾರ್ಯ, ಹುಳಿಮಾವು ಹಾಗೂ ಕುರಿಹುಂಡಿ ಗ್ರಾಮ ಪಂಚಾಯಿತಿಗಳಲ್ಲಿ ನವೆಂಬರ್ 21 ರಂದು ಸಂಜೆ 5:00 ಗಂಟೆಯಿಂದ ನವೆಂಬರ್ 23 ರ ಮಧ್ಯರಾತ್ರಿ 12 ಗಂಟೆಯವರೆಗೆ ಎಲ್ಲಾ ಮದ್ಯದ ಅಂಗಡಿಗಳನ್ನು ಮುಚ್ಚಬೇಕು ಎಂದು ಜಿಲ್ಲಾಧಿಕಾರಿಗಳು ಹಾಗೂ ಜಿಲ್ಲಾ ದಂಡಾಧಿಕಾರಿಗಳಾದ ಜಿ. ಲಕ್ಷ್ಮಿಕಾಂತ್ ರೆಡ್ಡಿ ಅವರು ಪ್ರಕಟಣೆಯಲ್ಲಿ ತಿಳಿಸಿದ್ದಾರೆ.
ಸಂತೆ
ಜಾತ್ರೆಗಳ
ನಿಷೇಧ
ಗ್ರಾಮ ಪಂಚಾಯಿತಿ ಉಪ ಚುನಾವಣೆ-2024 ರ ಸಂಬಂಧ ಮತದಾನದ ಕಾರ್ಯವನ್ನು ಸುಸೂತ್ರವಾಗಿ ನಡೆಸಲು ಹಾಗೂ ಶಾಂತಿಯುತವಾಗಿ ಕಾನೂನು ಸುವ್ಯವಸ್ಥೆಯನ್ನು ಕಾಪಾಡುವ ದೃಷ್ಟಿಯಿಂದ ಗ್ರಾಮ ಪಂಚಾಯಿತಿಗಳ ವ್ಯಾಪ್ತಿಯಲ್ಲಿ
ಎಲ್ಲಾ ವಿಧದ ಸಂತೆ ಜಾತ್ರೆಗಳನ್ನು ನಿಷೇಧಿಸಲಾಗಿದೆ. ಮೈಸೂರು ತಾಲೂಕಿನ 24-ಜಯಪುರ, 18-ಸೋಮೇಶ್ವರಪುರ, 15-ವರುಣ, ಟಿ.ನರಸೀಪುರ ತಾಲೂಕಿನ 24-ಟಿ.ದೊಡ್ಡಪುರ, 27-ಕೊತ್ತೇಗಾಲ, 23-ಕಲಿಯೂರು, ಹುಣಸೂರು ತಾಲೂಕಿನ 17-ಬಿಳಿಗೆರೆ, 5-ಮುಳ್ಳೂರು, 32-ಉಮ್ಮತ್ತೂರು, ಸಾಲಿಗ್ರಾಮ ತಾಲೂಕಿನ 30-ಹಳಿಯೂರು, 5-ಲಕ್ಷ್ಮಿಪುರ, ಪಿರಿಯಾಪಟ್ಟಣ ತಾಲೂಕಿನ 20-ಮಾಲಂಗಿ, 9-ಬೆಟ್ಟದಪುರ, 19-ಪಂಚವಳ್ಳಿ, ಸರಗೂರು ತಾಲೂಕಿನ 5-ಮುಳ್ಳೂರು, 12-ಬಿ ಮಟಕೆರೆ, ನಂಜನಗೂಡು ತಾಲೂಕಿನ 15-ಕಾರ್ಯ, ಹುಳಿಮಾವು ಹಾಗೂ ಕುರಿಹುಂಡಿ ಗ್ರಾಮ ಪಂಚಾಯಿತಿಗಳಲ್ಲಿ ನವೆಂಬರ್ 23 ರಂದು ಬೆಳಗ್ಗೆ 6 ಗಂಟೆಯಿಂದ ಸಂಜೆ 6 ಗಂಟೆಯವರೆಗೆ ಎಲ್ಲಾ ವಿಧದ ಸಂತೆ ಜಾತ್ರೆಗಳನ್ನು ಸಂಪೂರ್ಣವಾಗಿ ನಿಷೇಧಿಸಲಾಗಿದೆ ಎಂದು ಜಿಲ್ಲಾಧಿಕಾರಿಗಳಾದ ಜಿ. ಲಕ್ಷ್ಮಿಕಾಂತ್ ರೆಡ್ಡಿ ಅವರು ಪ್ರಕಟಣೆಯಲ್ಲಿ ತಿಳಿಸಿದ್ದಾರೆ.
ವಕ್ಫ್ ಆಸ್ತಿ ವಿವಾದ : ಮಂತ್ರಾಲಯದ ಜಾಗ ಆದೋನಿ ನವಾಬರು ಕೊಟ್ಟಿದ್ದು

ರಾಯಚೂರು: ಮಂತ್ರಾಲಯ ರಾಯರ ಮಠದ ಜಾಗ ಆದೋನಿ ನವಾಬರು ಕೊಟ್ಟಿದ್ದು ಎಂದು ಮಾಜಿ ಕೇಂದ್ರ ಸಚಿವ ಸಿಎಂ ಇಬ್ರಾಹಿಂ ಹೊಸ ಬಾಂಬ್ ಸಿಡಿಸಿದ್ದಾರೆ.

ರಾಯಚೂರಿನಲ್ಲಿ ಮಾಧ್ಯಮದವರೊಂದಿಗೆ ಮಾತನಾಡಿದ ಅವರು, ಮಂತ್ರಾಲಯ ಮಠದ ಜಾಗ ಆದೋನಿ ನವಾಬರು ಕೊಟ್ಟಿದ್ದು, ಅದನ್ನು ಹೇಗೆ ವಕ್ಫ್ ಬೋರ್ಡ್ ಆಸ್ತಿ ಎಂದು ಯಾರದರೂ ಕೇಳಲು ಹೋಗಿದ್ದಾರಾ? ನಮ್ಮ ಪೂರ್ವಜರು ಕೊಟ್ಟ ಜಾಗವನ್ನು ನಾವು ಯಾವತ್ತೂ ಕೇಳಿಲ್ಲ. ಇದು ಸೌಹಾರ್ದತೆಯ ಸಂಕೇತ ಎಂದು ಹೇಳಿದ್ದಾರೆ.

ಬಿಜೆಪಿಯವರು ತಮ್ಮ ಅಸ್ತಿತ್ವ ಉಳಿಸಿಕೊಳ್ಳಲು ವಕ್ಫ್ ಅಭಿಯಾನ ಮಾಡ್ತಿದ್ದಾರೆ
ಬೆಂಗಳೂರು: ಬಿಜೆಪಿಯವರು ತಮ್ಮ ಅಸ್ತಿತ್ವ ಉಳಿಸಿಕೊಳ್ಳಲು ವಕ್ಫ್ ಅಭಿಯಾನ ಮಾಡುತ್ತಿದ್ದಾರೆ ಎಂದು ಸಚಿವ ಪ್ರಿಯಾಂಕ್ ಖರ್ಗೆ ಕಿಡಿಕಾರಿದ್ದಾರೆ. ಬೆಂಗಳೂರಿನಲ್ಲಿ ಮಾತನಾಡಿದ ಅವರು, ಬಿಜೆಪಿ ಅವರು ಹೋರಾಟ ಮಾಡುತ್ತಿದ್ದಾರೆ. ವಕ್ಫ್ ವಿಚಾರವಾಗಿ ಯಾರೂ ಮಾತನಾಡಬೇಕಿಲ್ಲ. ಈ ಬಗ್ಗೆ ಸರ್ಕಾರ ಸ್ಪಷ್ಟನೆ ನೀಡಿದೆ. ಕೇಂದ್ರ ಸರ್ಕಾರ ವಕ್ಫ್ ಆಸ್ತಿ ಬಗ್ಗೆ ಯಾಕೆ ಮಾತನಾಡುತ್ತಿಲ್ಲ ಎಂದು ಪ್ರಶ್ನಿಸಿದರು.
ಹೇಳಿ. ನಾನು ಚರ್ಚೆಗೆ ಸಿದ್ಧ. ಬಿಜೆಪಿ ಅವರು ಪ್ರಶ್ನೆಗಳಿಗೆ ಉತ್ತರ ಕೊಡುತ್ತಿಲ್ಲ.
ಉತ್ತರ ಕೊಡುತ್ತಾರೆ. ನಾವು ಕೇಳೋ ಪ್ರಶ್ನೆಗೆ ಉತ್ತರ ಕೊಡಲಿ. ಜಾರಕಿಹೊಳಿ ಬಣ, ನಮ್ಮದು ನಿಜವಾದ ಬಿಜೆಪಿ ಎನ್ನುತ್ತಾರೆ. ಬಿಜೆಪಿಯವರು ತಮ್ಮ ಆಂತರಿಕ ಕಲಹ ಮುಚ್ಚಿಕೊಳ್ಳಲು ವಕ್ಫ್ ವಿಚಾರ ಮುಂದಿಟ್ಟುಕೊಂಡಿದ್ದಾರೆ. ಸಂಸದ ತೇಜಸ್ವಿ ಸೂರ್ಯ ಟ್ವೀಟ್ ಮಾಡಿ ಡಿಲೀಟ್ ಮಾಡಿದ್ದಾರೆ. ಅವರ ವಿರುದ್ಧ ಪ್ರಕರಣ ದಾಖಲಾಗಿದೆ. ಬಿಜೆಪಿಯವರು ಸುಳ್ಳು ಸುದ್ದಿ ಹರಡುತ್ತಿದ್ದಾರೆ ಎಂದು ಆರೋಪಿಸಿದ್ದಾರೆ.
